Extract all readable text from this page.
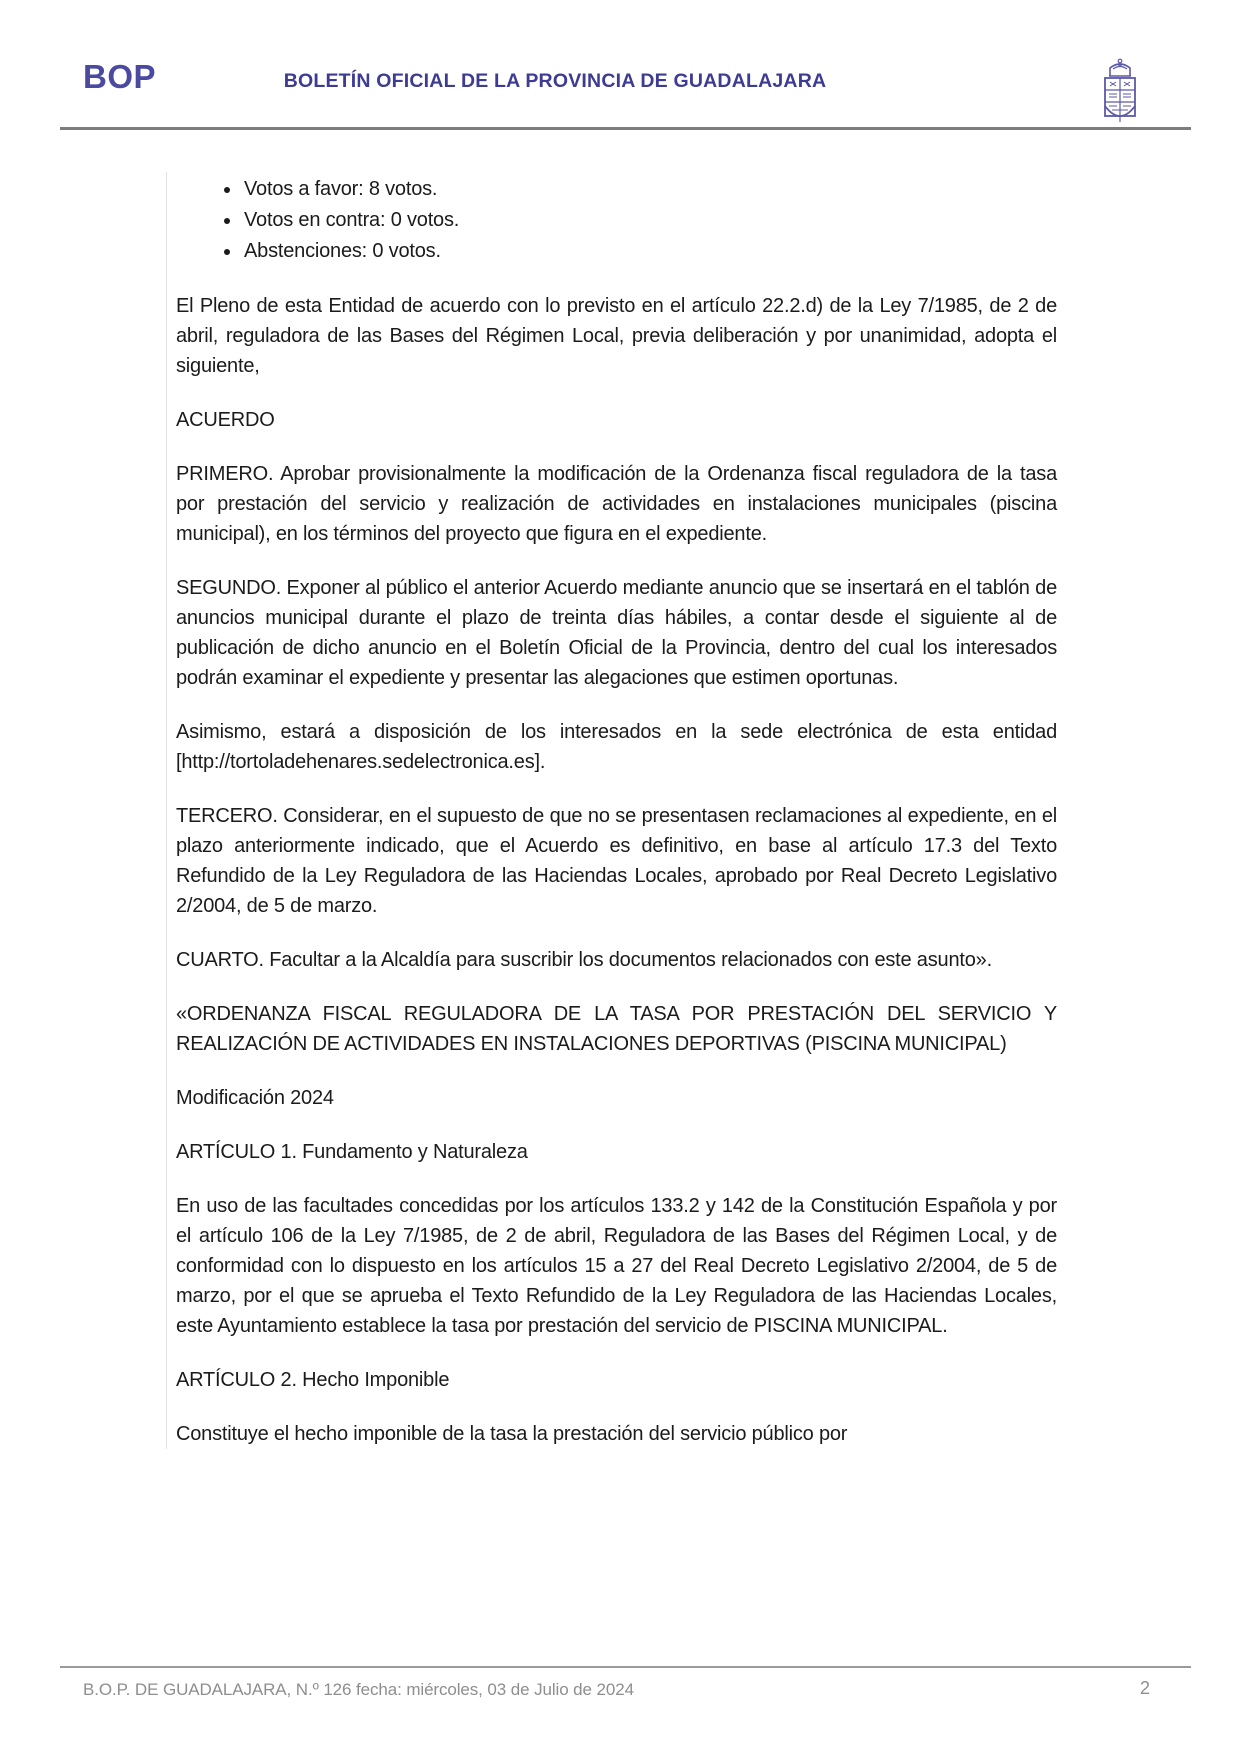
BOP	BOLETÍN OFICIAL DE LA PROVINCIA DE GUADALAJARA
• Votos a favor: 8 votos.
• Votos en contra: 0 votos.
• Abstenciones: 0 votos.

El Pleno de esta Entidad de acuerdo con lo previsto en el artículo 22.2.d) de la Ley 7/1985, de 2 de abril, reguladora de las Bases del Régimen Local, previa deliberación y por unanimidad, adopta el siguiente,

ACUERDO

PRIMERO. Aprobar provisionalmente la modificación de la Ordenanza fiscal reguladora de la tasa por prestación del servicio y realización de actividades en instalaciones municipales (piscina municipal), en los términos del proyecto que figura en el expediente.

SEGUNDO. Exponer al público el anterior Acuerdo mediante anuncio que se insertará en el tablón de anuncios municipal durante el plazo de treinta días hábiles, a contar desde el siguiente al de publicación de dicho anuncio en el Boletín Oficial de la Provincia, dentro del cual los interesados podrán examinar el expediente y presentar las alegaciones que estimen oportunas.

Asimismo, estará a disposición de los interesados en la sede electrónica de esta entidad [http://tortoladehenares.sedelectronica.es].

TERCERO. Considerar, en el supuesto de que no se presentasen reclamaciones al expediente, en el plazo anteriormente indicado, que el Acuerdo es definitivo, en base al artículo 17.3 del Texto Refundido de la Ley Reguladora de las Haciendas Locales, aprobado por Real Decreto Legislativo 2/2004, de 5 de marzo.

CUARTO. Facultar a la Alcaldía para suscribir los documentos relacionados con este asunto».

«ORDENANZA FISCAL REGULADORA DE LA TASA POR PRESTACIÓN DEL SERVICIO Y REALIZACIÓN DE ACTIVIDADES EN INSTALACIONES DEPORTIVAS (PISCINA MUNICIPAL)

Modificación 2024

ARTÍCULO 1. Fundamento y Naturaleza

En uso de las facultades concedidas por los artículos 133.2 y 142 de la Constitución Española y por el artículo 106 de la Ley 7/1985, de 2 de abril, Reguladora de las Bases del Régimen Local, y de conformidad con lo dispuesto en los artículos 15 a 27 del Real Decreto Legislativo 2/2004, de 5 de marzo, por el que se aprueba el Texto Refundido de la Ley Reguladora de las Haciendas Locales, este Ayuntamiento establece la tasa por prestación del servicio de PISCINA MUNICIPAL.

ARTÍCULO 2. Hecho Imponible

Constituye el hecho imponible de la tasa la prestación del servicio público por

B.O.P. DE GUADALAJARA, N.º 126 fecha: miércoles, 03 de Julio de 2024	2
